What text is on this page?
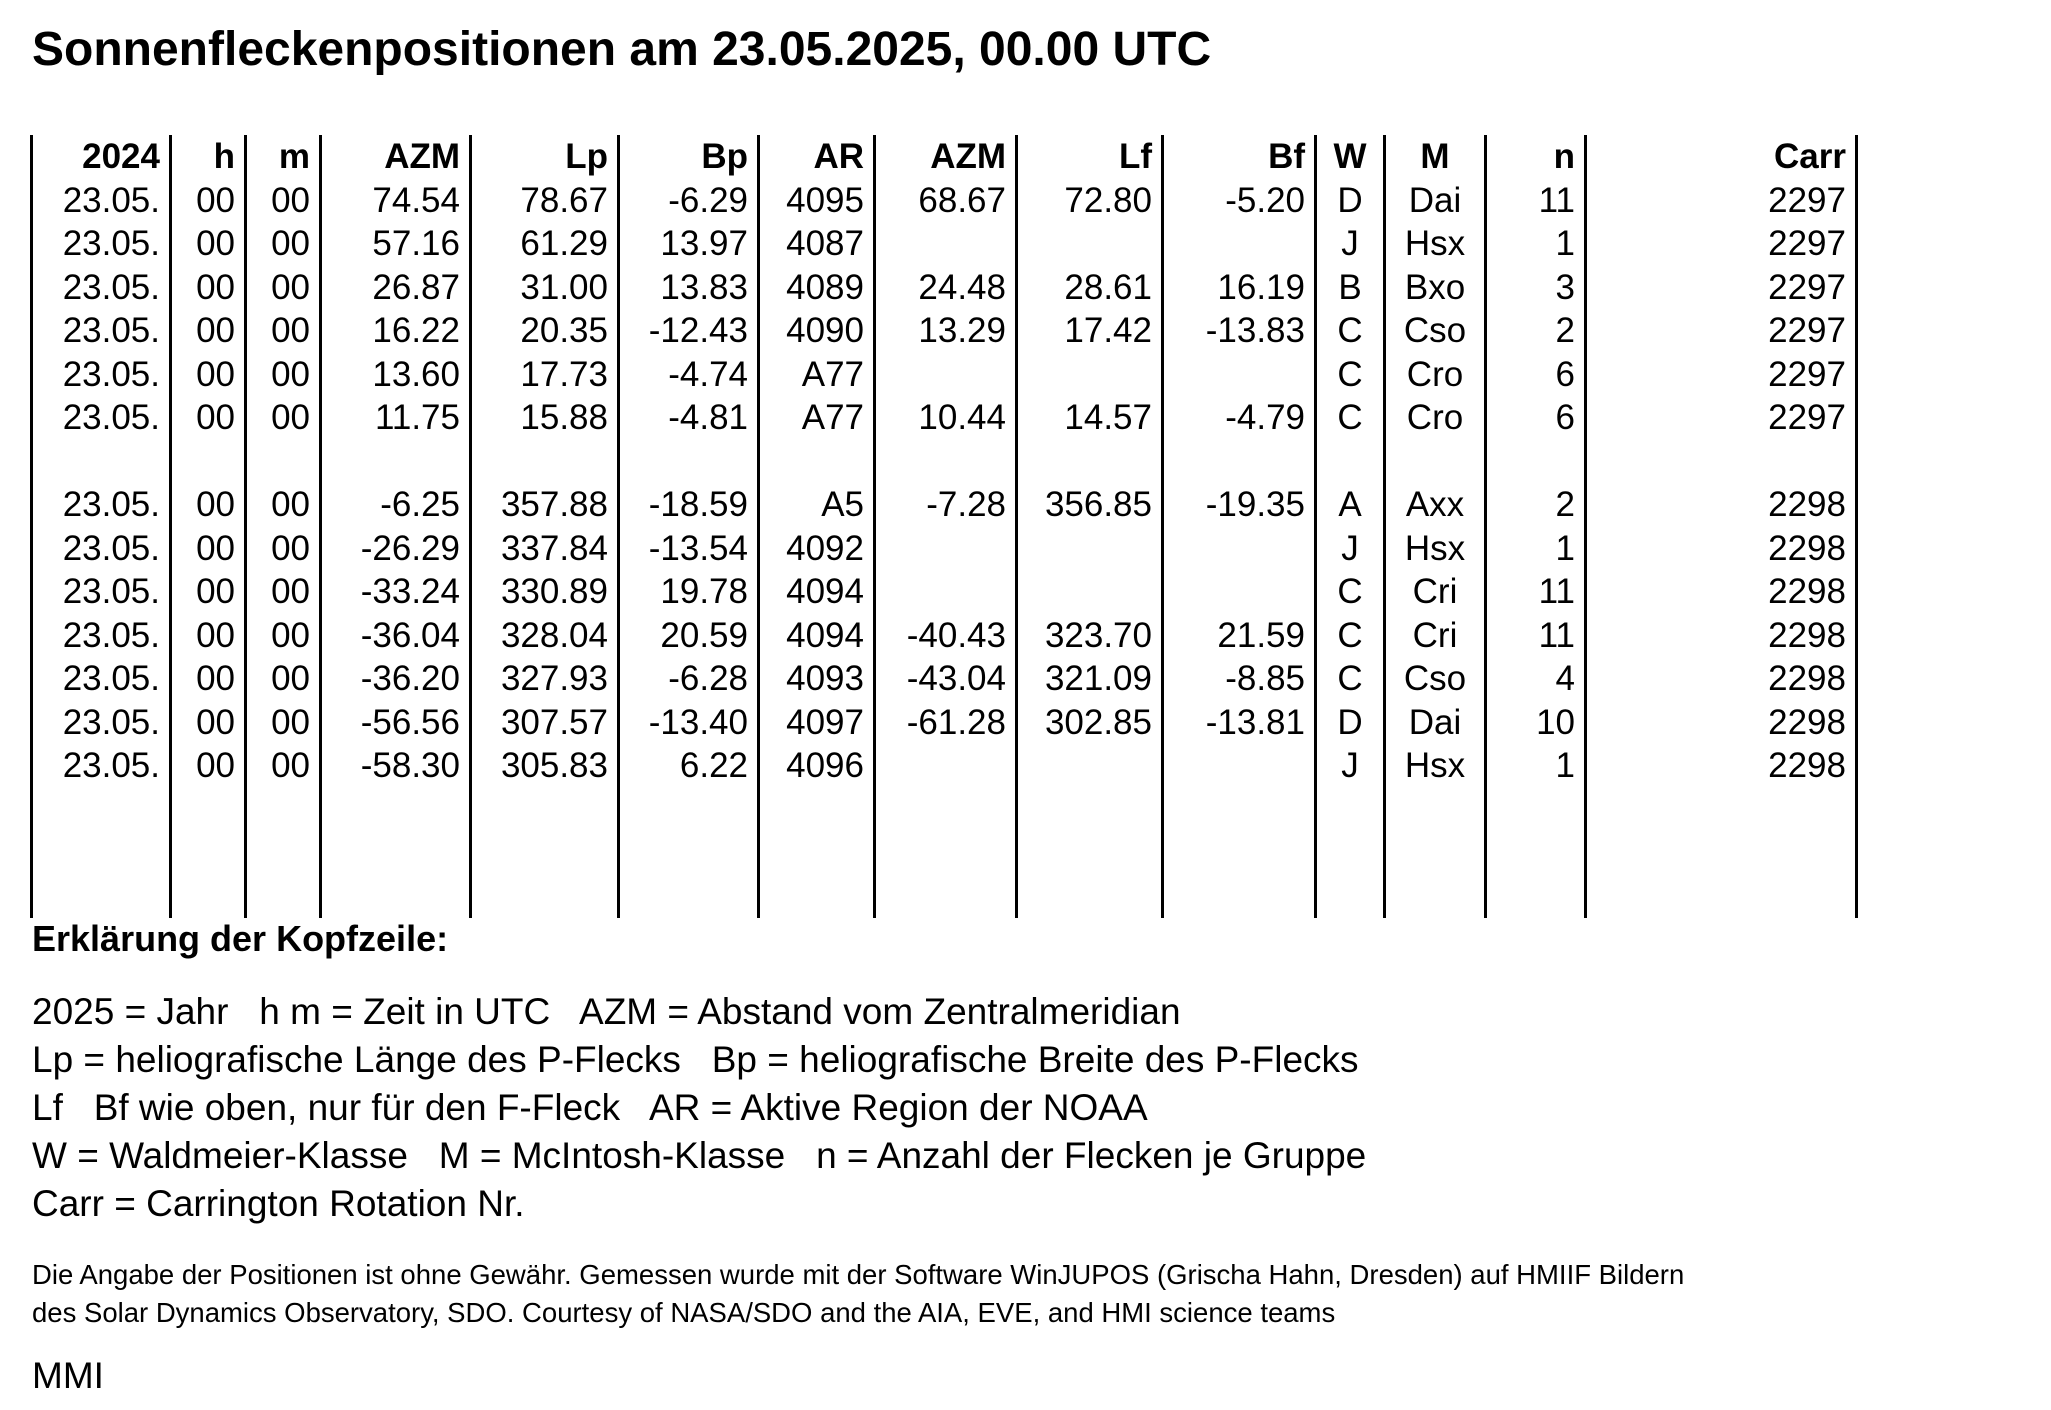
Sonnenfleckenpositionen am 23.05.2025, 00.00 UTC
2024	h	m	AZM	Lp	Bp	AR	AZM	Lf	Bf	W	M	n	Carr
23.05.	00	00	74.54	78.67	-6.29	4095	68.67	72.80	-5.20	D	Dai	11	2297
23.05.	00	00	57.16	61.29	13.97	4087				J	Hsx	1	2297
23.05.	00	00	26.87	31.00	13.83	4089	24.48	28.61	16.19	B	Bxo	3	2297
23.05.	00	00	16.22	20.35	-12.43	4090	13.29	17.42	-13.83	C	Cso	2	2297
23.05.	00	00	13.60	17.73	-4.74	A77				C	Cro	6	2297
23.05.	00	00	11.75	15.88	-4.81	A77	10.44	14.57	-4.79	C	Cro	6	2297

23.05.	00	00	-6.25	357.88	-18.59	A5	-7.28	356.85	-19.35	A	Axx	2	2298
23.05.	00	00	-26.29	337.84	-13.54	4092				J	Hsx	1	2298
23.05.	00	00	-33.24	330.89	19.78	4094				C	Cri	11	2298
23.05.	00	00	-36.04	328.04	20.59	4094	-40.43	323.70	21.59	C	Cri	11	2298
23.05.	00	00	-36.20	327.93	-6.28	4093	-43.04	321.09	-8.85	C	Cso	4	2298
23.05.	00	00	-56.56	307.57	-13.40	4097	-61.28	302.85	-13.81	D	Dai	10	2298
23.05.	00	00	-58.30	305.83	6.22	4096				J	Hsx	1	2298

Erklärung der Kopfzeile:
2025 = Jahr   h m = Zeit in UTC   AZM = Abstand vom Zentralmeridian
Lp = heliografische Länge des P-Flecks   Bp = heliografische Breite des P-Flecks
Lf   Bf wie oben, nur für den F-Fleck   AR = Aktive Region der NOAA
W = Waldmeier-Klasse   M = McIntosh-Klasse   n = Anzahl der Flecken je Gruppe
Carr = Carrington Rotation Nr.
Die Angabe der Positionen ist ohne Gewähr. Gemessen wurde mit der Software WinJUPOS (Grischa Hahn, Dresden) auf HMIIF Bildern
des Solar Dynamics Observatory, SDO. Courtesy of NASA/SDO and the AIA, EVE, and HMI science teams
MMI
